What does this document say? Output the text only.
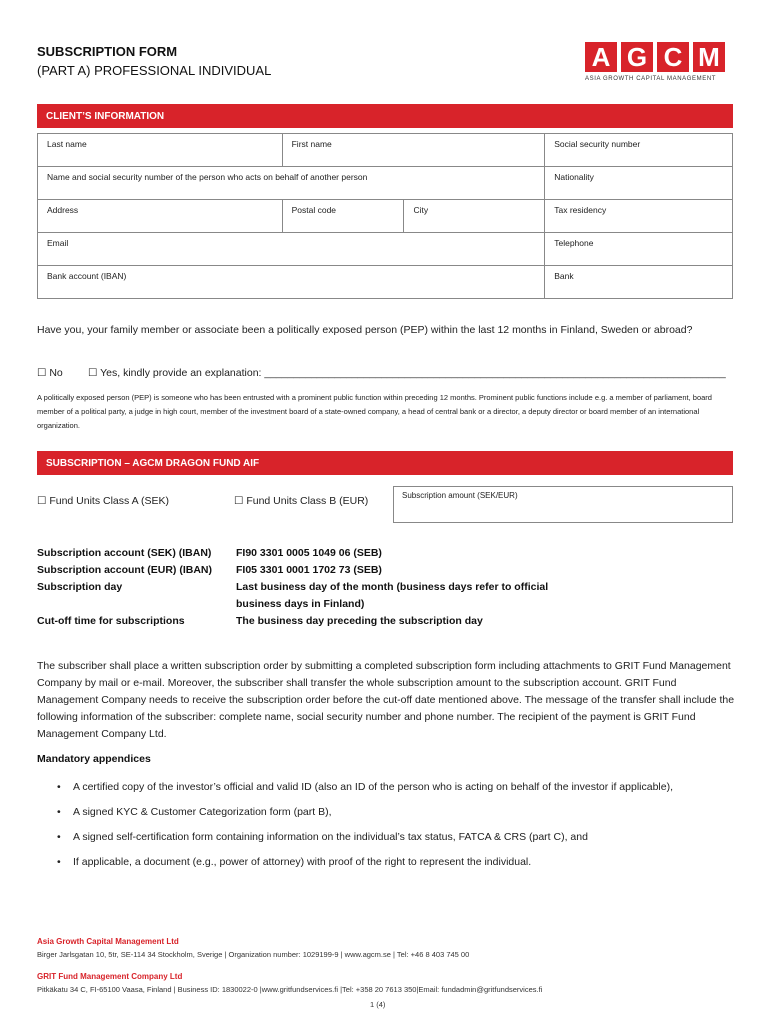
SUBSCRIPTION FORM
(PART A) PROFESSIONAL INDIVIDUAL	A G C M
ASIA GROWTH CAPITAL MANAGEMENT
CLIENT’S INFORMATION
Last name	First name		Social security number
Name and social security number of the person who acts on behalf of another person			Nationality
Address	Postal code	City	Tax residency
Email			Telephone
Bank account (IBAN)			Bank
Have you, your family member or associate been a politically exposed person (PEP) within the last 12 months in Finland, Sweden or abroad?
☐ No ☐ Yes, kindly provide an explanation: _______________________________________________________________________________
A politically exposed person (PEP) is someone who has been entrusted with a prominent public function within preceding 12 months. Prominent public functions include e.g. a member of parliament, board member of a political party, a judge in high court, member of the investment board of a state-owned company, a head of central bank or a director, a deputy director or board member of an international organization.
SUBSCRIPTION – AGCM DRAGON FUND AIF
☐ Fund Units Class A (SEK)	☐ Fund Units Class B (EUR)	Subscription amount (SEK/EUR)
Subscription account (SEK) (IBAN)	FI90 3301 0005 1049 06 (SEB)
Subscription account (EUR) (IBAN)	FI05 3301 0001 1702 73 (SEB)
Subscription day	Last business day of the month (business days refer to official business days in Finland)
Cut-off time for subscriptions	The business day preceding the subscription day
The subscriber shall place a written subscription order by submitting a completed subscription form including attachments to GRIT Fund Management Company by mail or e-mail. Moreover, the subscriber shall transfer the whole subscription amount to the subscription account. GRIT Fund Management Company needs to receive the subscription order before the cut-off date mentioned above. The message of the transfer shall include the following information of the subscriber: complete name, social security number and phone number. The recipient of the payment is GRIT Fund Management Company Ltd.
Mandatory appendices
• A certified copy of the investor’s official and valid ID (also an ID of the person who is acting on behalf of the investor if applicable),
• A signed KYC & Customer Categorization form (part B),
• A signed self-certification form containing information on the individual’s tax status, FATCA & CRS (part C), and
• If applicable, a document (e.g., power of attorney) with proof of the right to represent the individual.
Asia Growth Capital Management Ltd
Birger Jarlsgatan 10, 5tr, SE-114 34 Stockholm, Sverige | Organization number: 1029199-9 | www.agcm.se | Tel: +46 8 403 745 00
GRIT Fund Management Company Ltd
Pitkäkatu 34 C, FI-65100 Vaasa, Finland | Business ID: 1830022-0 |www.gritfundservices.fi |Tel: +358 20 7613 350|Email: fundadmin@gritfundservices.fi
1 (4)
